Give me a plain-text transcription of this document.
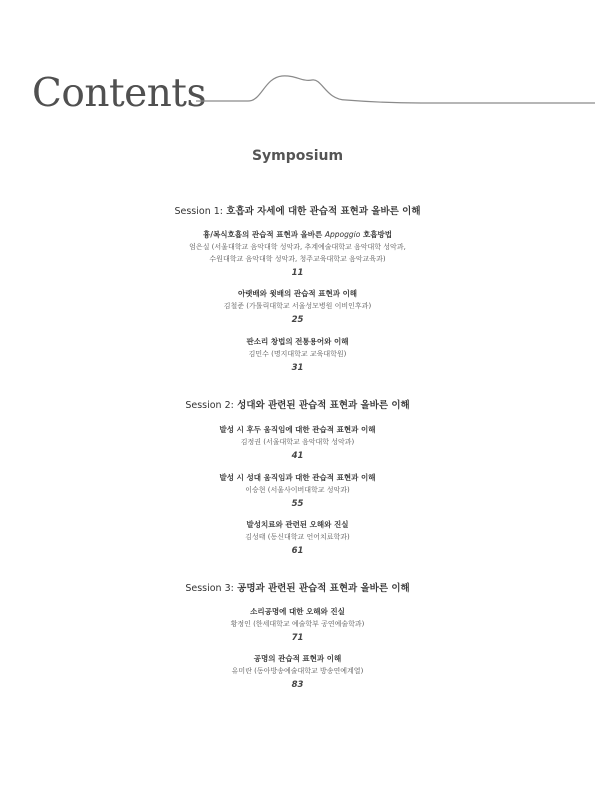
Contents
Symposium
Session 1: 호흡과 자세에 대한 관습적 표현과 올바른 이해
흉/복식호흡의 관습적 표현과 올바른 Appoggio 호흡방법
엄은실 (서울대학교 음악대학 성악과, 추계예술대학교 음악대학 성악과,
수원대학교 음악대학 성악과, 청주교육대학교 음악교육과)
11
아랫배와 윗배의 관습적 표현과 이해
김철준 (가톨릭대학교 서울성모병원 이비인후과)
25
판소리 창법의 전통용어와 이해
김민수 (명지대학교 교육대학원)
31
Session 2: 성대와 관련된 관습적 표현과 올바른 이해
발성 시 후두 움직임에 대한 관습적 표현과 이해
김정권 (서울대학교 음악대학 성악과)
41
발성 시 성대 움직임과 대한 관습적 표현과 이해
이승현 (서울사이버대학교 성악과)
55
발성치료와 관련된 오해와 진실
김성태 (동신대학교 언어치료학과)
61
Session 3: 공명과 관련된 관습적 표현과 올바른 이해
소리공명에 대한 오해와 진실
황정인 (한세대학교 예술학부 공연예술학과)
71
공명의 관습적 표현과 이해
유미란 (동아방송예술대학교 방송연예계열)
83
